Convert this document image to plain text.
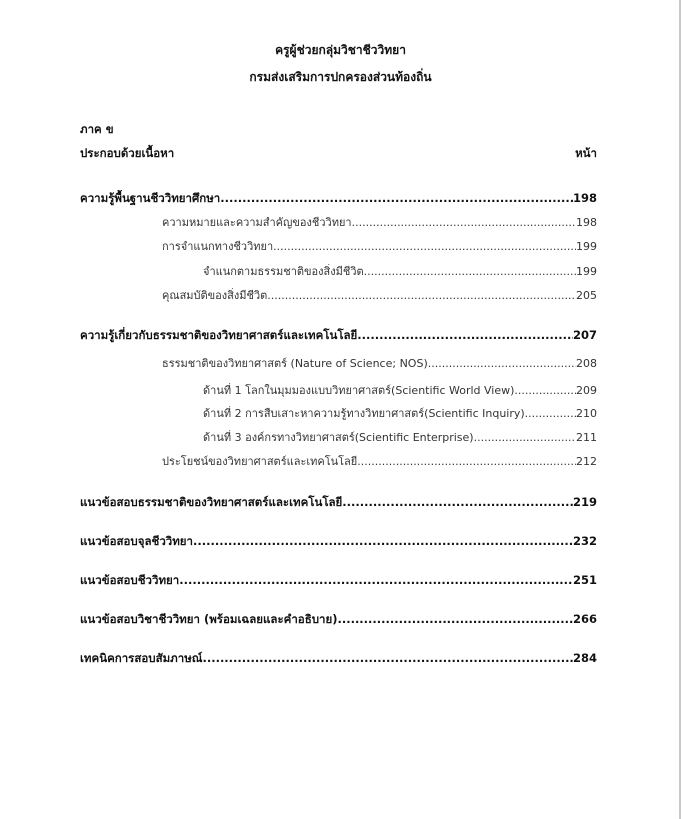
ครูผู้ช่วยกลุ่มวิชาชีววิทยา
กรมส่งเสริมการปกครองส่วนท้องถิ่น
ภาค ข
ประกอบด้วยเนื้อหา	หน้า
ความรู้พื้นฐานชีววิทยาศึกษา .....	198
ความหมายและความสำคัญของชีววิทยา .....	198
การจำแนกทางชีววิทยา .....	199
จำแนกตามธรรมชาติของสิ่งมีชีวิต .....	199
คุณสมบัติของสิ่งมีชีวิต .....	205
ความรู้เกี่ยวกับธรรมชาติของวิทยาศาสตร์และเทคโนโลยี .....	207
ธรรมชาติของวิทยาศาสตร์ (Nature of Science; NOS) .....	208
ด้านที่ 1 โลกในมุมมองแบบวิทยาศาสตร์(Scientific World View) .....	209
ด้านที่ 2 การสืบเสาะหาความรู้ทางวิทยาศาสตร์(Scientific Inquiry) .....	210
ด้านที่ 3 องค์กรทางวิทยาศาสตร์(Scientific Enterprise) .....	211
ประโยชน์ของวิทยาศาสตร์และเทคโนโลยี .....	212
แนวข้อสอบธรรมชาติของวิทยาศาสตร์และเทคโนโลยี .....	219
แนวข้อสอบจุลชีววิทยา .....	232
แนวข้อสอบชีววิทยา .....	251
แนวข้อสอบวิชาชีววิทยา (พร้อมเฉลยและคำอธิบาย) .....	266
เทคนิคการสอบสัมภาษณ์ .....	284
